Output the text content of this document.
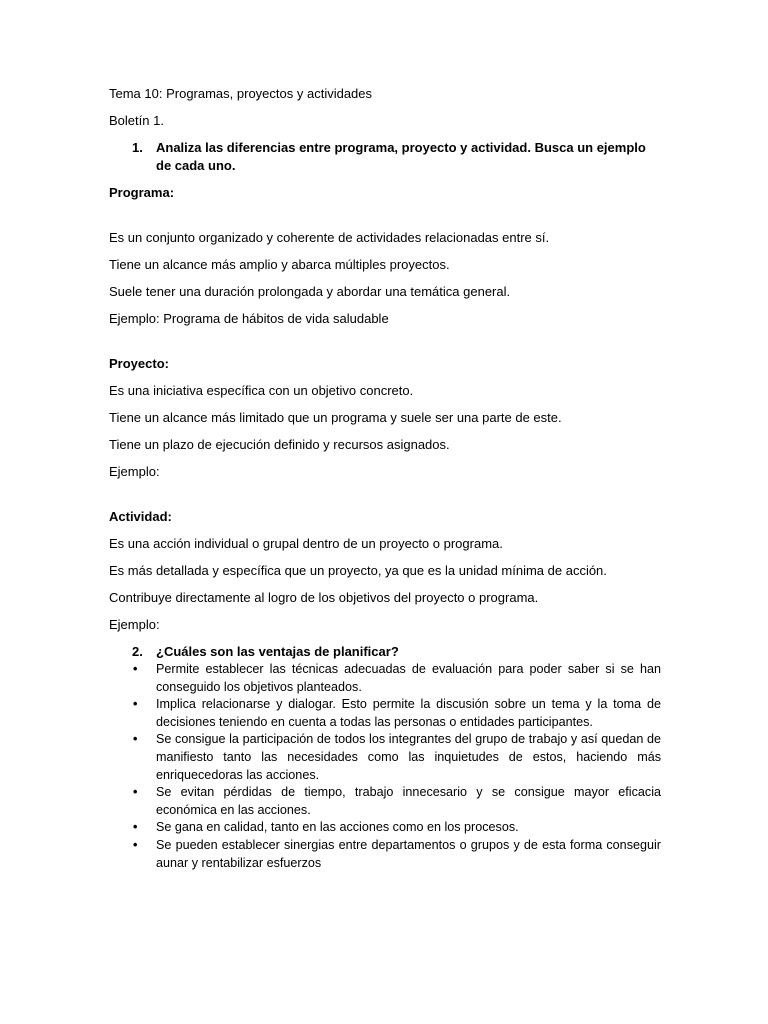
Tema 10: Programas, proyectos y actividades

Boletín 1.

1. Analiza las diferencias entre programa, proyecto y actividad. Busca un ejemplo de cada uno.

Programa:

Es un conjunto organizado y coherente de actividades relacionadas entre sí.

Tiene un alcance más amplio y abarca múltiples proyectos.

Suele tener una duración prolongada y abordar una temática general.

Ejemplo: Programa de hábitos de vida saludable

Proyecto:

Es una iniciativa específica con un objetivo concreto.

Tiene un alcance más limitado que un programa y suele ser una parte de este.

Tiene un plazo de ejecución definido y recursos asignados.

Ejemplo:

Actividad:

Es una acción individual o grupal dentro de un proyecto o programa.

Es más detallada y específica que un proyecto, ya que es la unidad mínima de acción.

Contribuye directamente al logro de los objetivos del proyecto o programa.

Ejemplo:

2. ¿Cuáles son las ventajas de planificar?

• Permite establecer las técnicas adecuadas de evaluación para poder saber si se han conseguido los objetivos planteados.

• Implica relacionarse y dialogar. Esto permite la discusión sobre un tema y la toma de decisiones teniendo en cuenta a todas las personas o entidades participantes.

• Se consigue la participación de todos los integrantes del grupo de trabajo y así quedan de manifiesto tanto las necesidades como las inquietudes de estos, haciendo más enriquecedoras las acciones.

• Se evitan pérdidas de tiempo, trabajo innecesario y se consigue mayor eficacia económica en las acciones.

• Se gana en calidad, tanto en las acciones como en los procesos.

• Se pueden establecer sinergias entre departamentos o grupos y de esta forma conseguir aunar y rentabilizar esfuerzos
